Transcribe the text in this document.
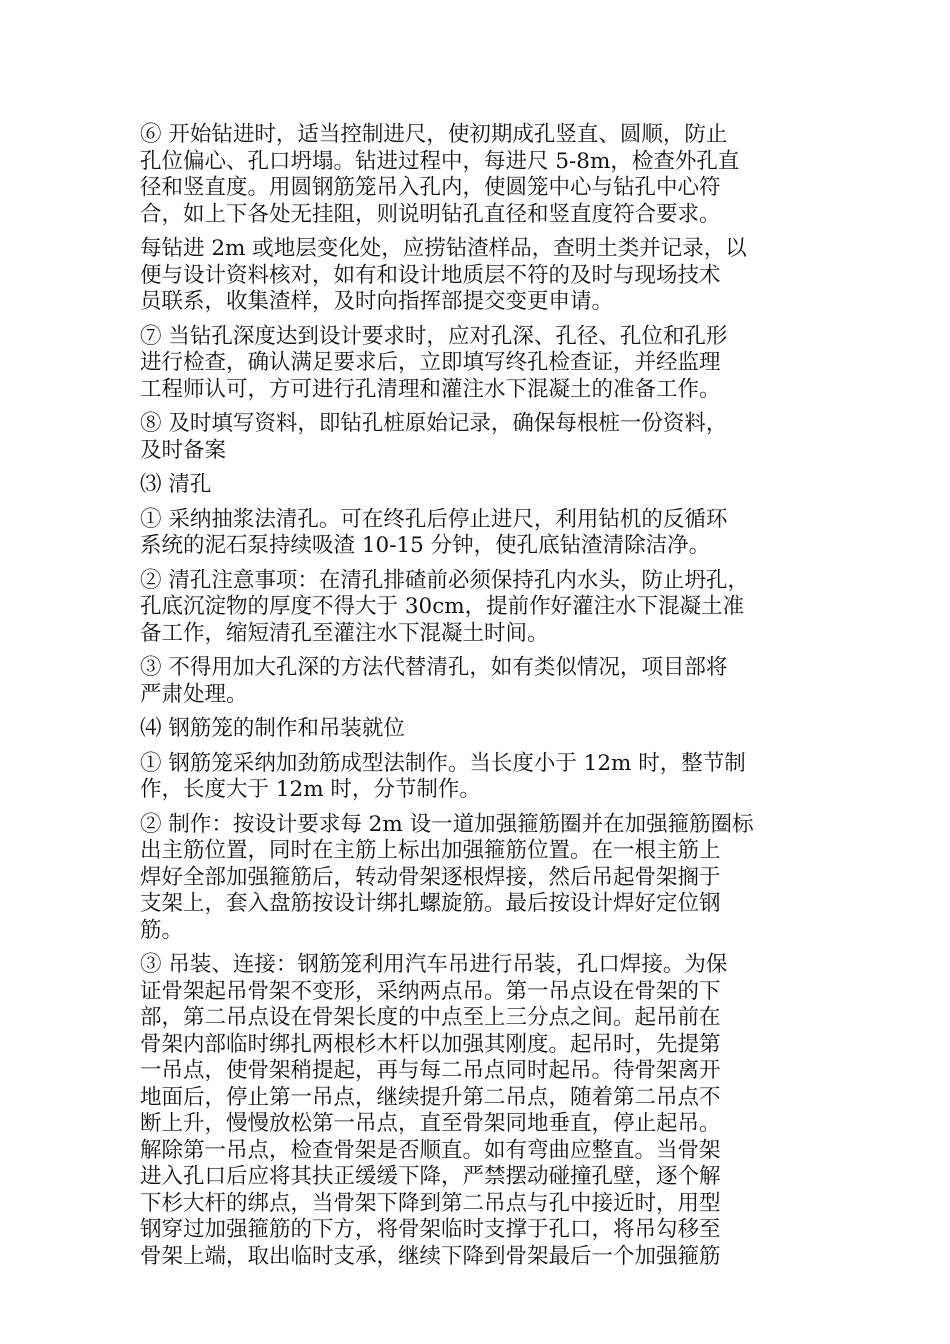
⑥ 开始钻进时，适当控制进尺，使初期成孔竖直、圆顺，防止
孔位偏心、孔口坍塌。钻进过程中，每进尺 5-8m，检查外孔直
径和竖直度。用圆钢筋笼吊入孔内，使圆笼中心与钻孔中心符
合，如上下各处无挂阻，则说明钻孔直径和竖直度符合要求。

每钻进 2m 或地层变化处，应捞钻渣样品，查明土类并记录，以
便与设计资料核对，如有和设计地质层不符的及时与现场技术
员联系，收集渣样，及时向指挥部提交变更申请。

⑦ 当钻孔深度达到设计要求时，应对孔深、孔径、孔位和孔形
进行检查，确认满足要求后，立即填写终孔检查证，并经监理
工程师认可，方可进行孔清理和灌注水下混凝土的准备工作。

⑧ 及时填写资料，即钻孔桩原始记录，确保每根桩一份资料，
及时备案

⑶ 清孔

① 采纳抽浆法清孔。可在终孔后停止进尺，利用钻机的反循环
系统的泥石泵持续吸渣 10-15 分钟，使孔底钻渣清除洁净。

② 清孔注意事项：在清孔排碴前必须保持孔内水头，防止坍孔，
孔底沉淀物的厚度不得大于 30cm，提前作好灌注水下混凝土准
备工作，缩短清孔至灌注水下混凝土时间。

③ 不得用加大孔深的方法代替清孔，如有类似情况，项目部将
严肃处理。

⑷ 钢筋笼的制作和吊装就位

① 钢筋笼采纳加劲筋成型法制作。当长度小于 12m 时，整节制
作，长度大于 12m 时，分节制作。

② 制作：按设计要求每 2m 设一道加强箍筋圈并在加强箍筋圈标
出主筋位置，同时在主筋上标出加强箍筋位置。在一根主筋上
焊好全部加强箍筋后，转动骨架逐根焊接，然后吊起骨架搁于
支架上，套入盘筋按设计绑扎螺旋筋。最后按设计焊好定位钢
筋。

③ 吊装、连接：钢筋笼利用汽车吊进行吊装，孔口焊接。为保
证骨架起吊骨架不变形，采纳两点吊。第一吊点设在骨架的下
部，第二吊点设在骨架长度的中点至上三分点之间。起吊前在
骨架内部临时绑扎两根杉木杆以加强其刚度。起吊时，先提第
一吊点，使骨架稍提起，再与每二吊点同时起吊。待骨架离开
地面后，停止第一吊点，继续提升第二吊点，随着第二吊点不
断上升，慢慢放松第一吊点，直至骨架同地垂直，停止起吊。
解除第一吊点，检查骨架是否顺直。如有弯曲应整直。当骨架
进入孔口后应将其扶正缓缓下降，严禁摆动碰撞孔壁，逐个解
下杉大杆的绑点，当骨架下降到第二吊点与孔中接近时，用型
钢穿过加强箍筋的下方，将骨架临时支撑于孔口，将吊勾移至
骨架上端，取出临时支承，继续下降到骨架最后一个加强箍筋
